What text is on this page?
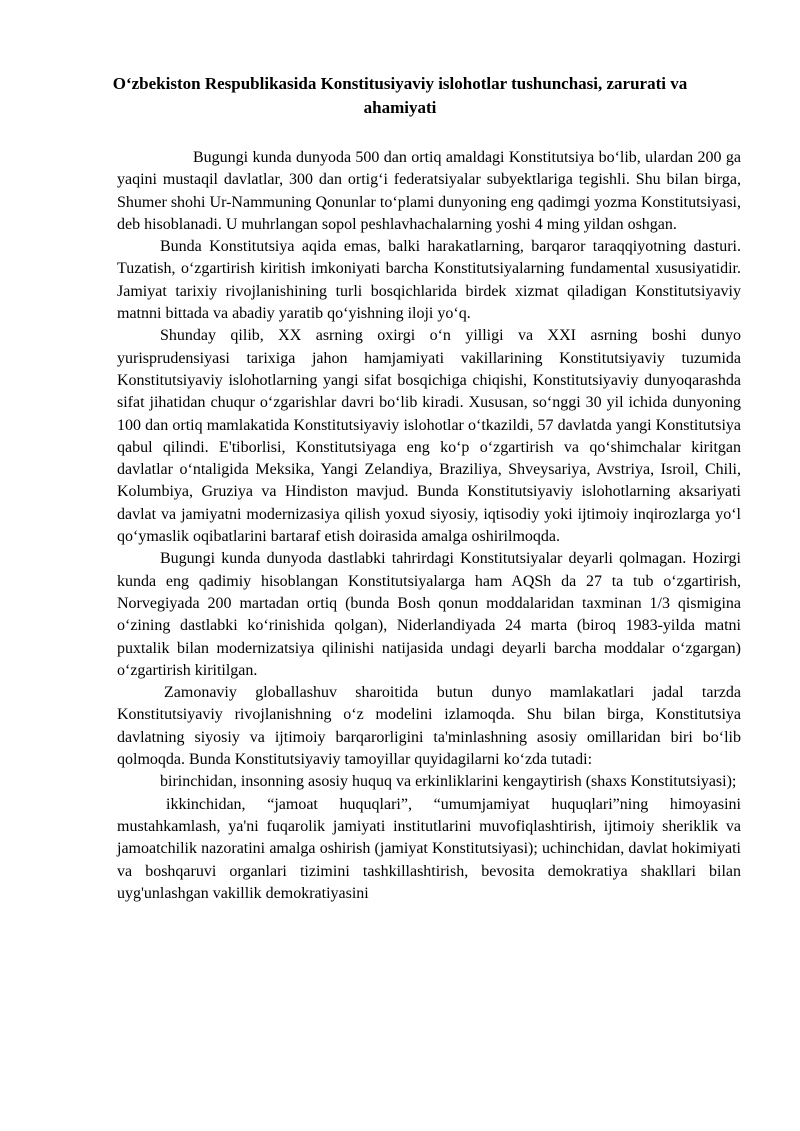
O‘zbekiston Respublikasida Konstitusiyaviy islohotlar tushunchasi, zarurati va ahamiyati

Bugungi kunda dunyoda 500 dan ortiq amaldagi Konstitutsiya bo‘lib, ulardan 200 ga yaqini mustaqil davlatlar, 300 dan ortig‘i federatsiyalar subyektlariga tegishli. Shu bilan birga, Shumer shohi Ur-Nammuning Qonunlar to‘plami dunyoning eng qadimgi yozma Konstitutsiyasi, deb hisoblanadi. U muhrlangan sopol peshlavhachalarning yoshi 4 ming yildan oshgan.

Bunda Konstitutsiya aqida emas, balki harakatlarning, barqaror taraqqiyotning dasturi. Tuzatish, o‘zgartirish kiritish imkoniyati barcha Konstitutsiyalarning fundamental xususiyatidir. Jamiyat tarixiy rivojlanishining turli bosqichlarida birdek xizmat qiladigan Konstitutsiyaviy matnni bittada va abadiy yaratib qo‘yishning iloji yo‘q.

Shunday qilib, XX asrning oxirgi o‘n yilligi va XXI asrning boshi dunyo yurisprudensiyasi tarixiga jahon hamjamiyati vakillarining Konstitutsiyaviy tuzumida Konstitutsiyaviy islohotlarning yangi sifat bosqichiga chiqishi, Konstitutsiyaviy dunyoqarashda sifat jihatidan chuqur o‘zgarishlar davri bo‘lib kiradi. Xususan, so‘nggi 30 yil ichida dunyoning 100 dan ortiq mamlakatida Konstitutsiyaviy islohotlar o‘tkazildi, 57 davlatda yangi Konstitutsiya qabul qilindi. E'tiborlisi, Konstitutsiyaga eng ko‘p o‘zgartirish va qo‘shimchalar kiritgan davlatlar o‘ntaligida Meksika, Yangi Zelandiya, Braziliya, Shveysariya, Avstriya, Isroil, Chili, Kolumbiya, Gruziya va Hindiston mavjud. Bunda Konstitutsiyaviy islohotlarning aksariyati davlat va jamiyatni modernizasiya qilish yoxud siyosiy, iqtisodiy yoki ijtimoiy inqirozlarga yo‘l qo‘ymaslik oqibatlarini bartaraf etish doirasida amalga oshirilmoqda.

Bugungi kunda dunyoda dastlabki tahrirdagi Konstitutsiyalar deyarli qolmagan. Hozirgi kunda eng qadimiy hisoblangan Konstitutsiyalarga ham AQSh da 27 ta tub o‘zgartirish, Norvegiyada 200 martadan ortiq (bunda Bosh qonun moddalaridan taxminan 1/3 qismigina o‘zining dastlabki ko‘rinishida qolgan), Niderlandiyada 24 marta (biroq 1983-yilda matni puxtalik bilan modernizatsiya qilinishi natijasida undagi deyarli barcha moddalar o‘zgargan) o‘zgartirish kiritilgan.

Zamonaviy globallashuv sharoitida butun dunyo mamlakatlari jadal tarzda Konstitutsiyaviy rivojlanishning o‘z modelini izlamoqda. Shu bilan birga, Konstitutsiya davlatning siyosiy va ijtimoiy barqarorligini ta'minlashning asosiy omillaridan biri bo‘lib qolmoqda. Bunda Konstitutsiyaviy tamoyillar quyidagilarni ko‘zda tutadi:

birinchidan, insonning asosiy huquq va erkinliklarini kengaytirish (shaxs Konstitutsiyasi);

ikkinchidan, “jamoat huquqlari”, “umumjamiyat huquqlari”ning himoyasini mustahkamlash, ya'ni fuqarolik jamiyati institutlarini muvofiqlashtirish, ijtimoiy sheriklik va jamoatchilik nazoratini amalga oshirish (jamiyat Konstitutsiyasi); uchinchidan, davlat hokimiyati va boshqaruvi organlari tizimini tashkillashtirish, bevosita demokratiya shakllari bilan uyg'unlashgan vakillik demokratiyasini
